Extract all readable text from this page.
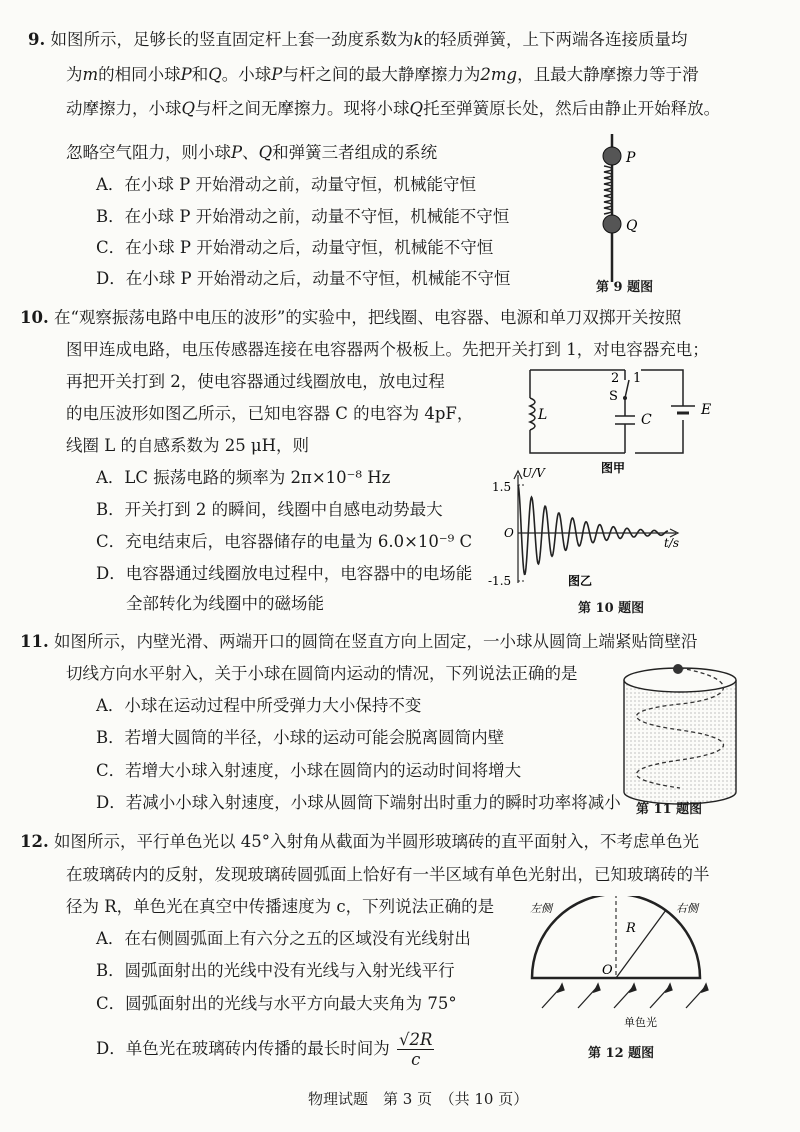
9. 如图所示，足够长的竖直固定杆上套一劲度系数为k的轻质弹簧，上下两端各连接质量均
为m的相同小球P和Q。小球P与杆之间的最大静摩擦力为2mg，且最大静摩擦力等于滑
动摩擦力，小球Q与杆之间无摩擦力。现将小球Q托至弹簧原长处，然后由静止开始释放。
忽略空气阻力，则小球P、Q和弹簧三者组成的系统
A．在小球 P 开始滑动之前，动量守恒，机械能守恒
B．在小球 P 开始滑动之前，动量不守恒，机械能不守恒
C．在小球 P 开始滑动之后，动量守恒，机械能不守恒
D．在小球 P 开始滑动之后，动量不守恒，机械能不守恒
P
Q
第 9 题图
10. 在“观察振荡电路中电压的波形”的实验中，把线圈、电容器、电源和单刀双掷开关按照
图甲连成电路，电压传感器连接在电容器两个极板上。先把开关打到 1，对电容器充电；
再把开关打到 2，使电容器通过线圈放电，放电过程
的电压波形如图乙所示，已知电容器 C 的电容为 4pF，
线圈 L 的自感系数为 25 μH，则
A．LC 振荡电路的频率为 2π×10⁻⁸ Hz
B．开关打到 2 的瞬间，线圈中自感电动势最大
C．充电结束后，电容器储存的电量为 6.0×10⁻⁹ C
D．电容器通过线圈放电过程中，电容器中的电场能
全部转化为线圈中的磁场能
L	C
E
S
1
2
图甲
U/V
1.5
-1.5
O
t/s
图乙
第 10 题图
11. 如图所示，内壁光滑、两端开口的圆筒在竖直方向上固定，一小球从圆筒上端紧贴筒壁沿
切线方向水平射入，关于小球在圆筒内运动的情况，下列说法正确的是
A．小球在运动过程中所受弹力大小保持不变
B．若增大圆筒的半径，小球的运动可能会脱离圆筒内壁
C．若增大小球入射速度，小球在圆筒内的运动时间将增大
D．若减小小球入射速度，小球从圆筒下端射出时重力的瞬时功率将减小 第 11 题图
12. 如图所示，平行单色光以 45°入射角从截面为半圆形玻璃砖的直平面射入，不考虑单色光
在玻璃砖内的反射，发现玻璃砖圆弧面上恰好有一半区域有单色光射出，已知玻璃砖的半
径为 R，单色光在真空中传播速度为 c，下列说法正确的是
A．在右侧圆弧面上有六分之五的区域没有光线射出
B．圆弧面射出的光线中没有光线与入射光线平行
C．圆弧面射出的光线与水平方向最大夹角为 75°
D．单色光在玻璃砖内传播的最长时间为 $\frac{√2R}{c}$
左侧	右侧
R
O
单色光
第 12 题图
物理试题　第 3 页　（共 10 页）
